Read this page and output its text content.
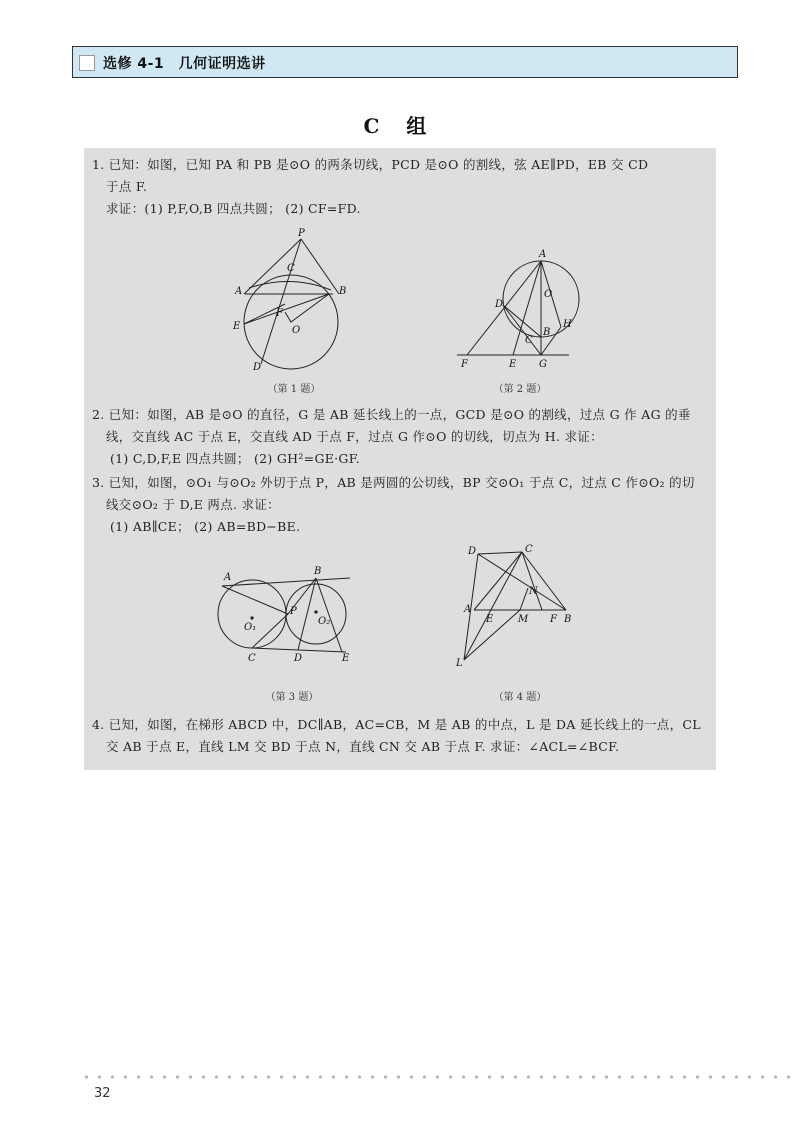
选修 4-1　几何证明选讲
C 组
1. 已知：如图，已知 PA 和 PB 是⊙O 的两条切线，PCD 是⊙O 的割线，弦 AE∥PD，EB 交 CD
于点 F.
求证：(1) P,F,O,B 四点共圆； (2) CF=FD.
P
C
A	B
F
O
E
D
（第 1 题）
A
O
D
B
H
C
F	E G
（第 2 题）
2. 已知：如图，AB 是⊙O 的直径，G 是 AB 延长线上的一点，GCD 是⊙O 的割线，过点 G 作 AG 的垂
线，交直线 AC 于点 E，交直线 AD 于点 F，过点 G 作⊙O 的切线，切点为 H. 求证：
(1) C,D,F,E 四点共圆； (2) GH²=GE·GF.
3. 已知，如图，⊙O₁ 与⊙O₂ 外切于点 P，AB 是两圆的公切线，BP 交⊙O₁ 于点 C，过点 C 作⊙O₂ 的切
线交⊙O₂ 于 D,E 两点. 求证：
(1) AB∥CE； (2) AB=BD−BE.
A
B
P
O₁
O₂
C	D	E
（第 3 题）
D	C
A
N
E M F B
L
（第 4 题）
4. 已知，如图，在梯形 ABCD 中，DC∥AB，AC=CB，M 是 AB 的中点，L 是 DA 延长线上的一点，CL
交 AB 于点 E，直线 LM 交 BD 于点 N，直线 CN 交 AB 于点 F. 求证：∠ACL=∠BCF.
32
